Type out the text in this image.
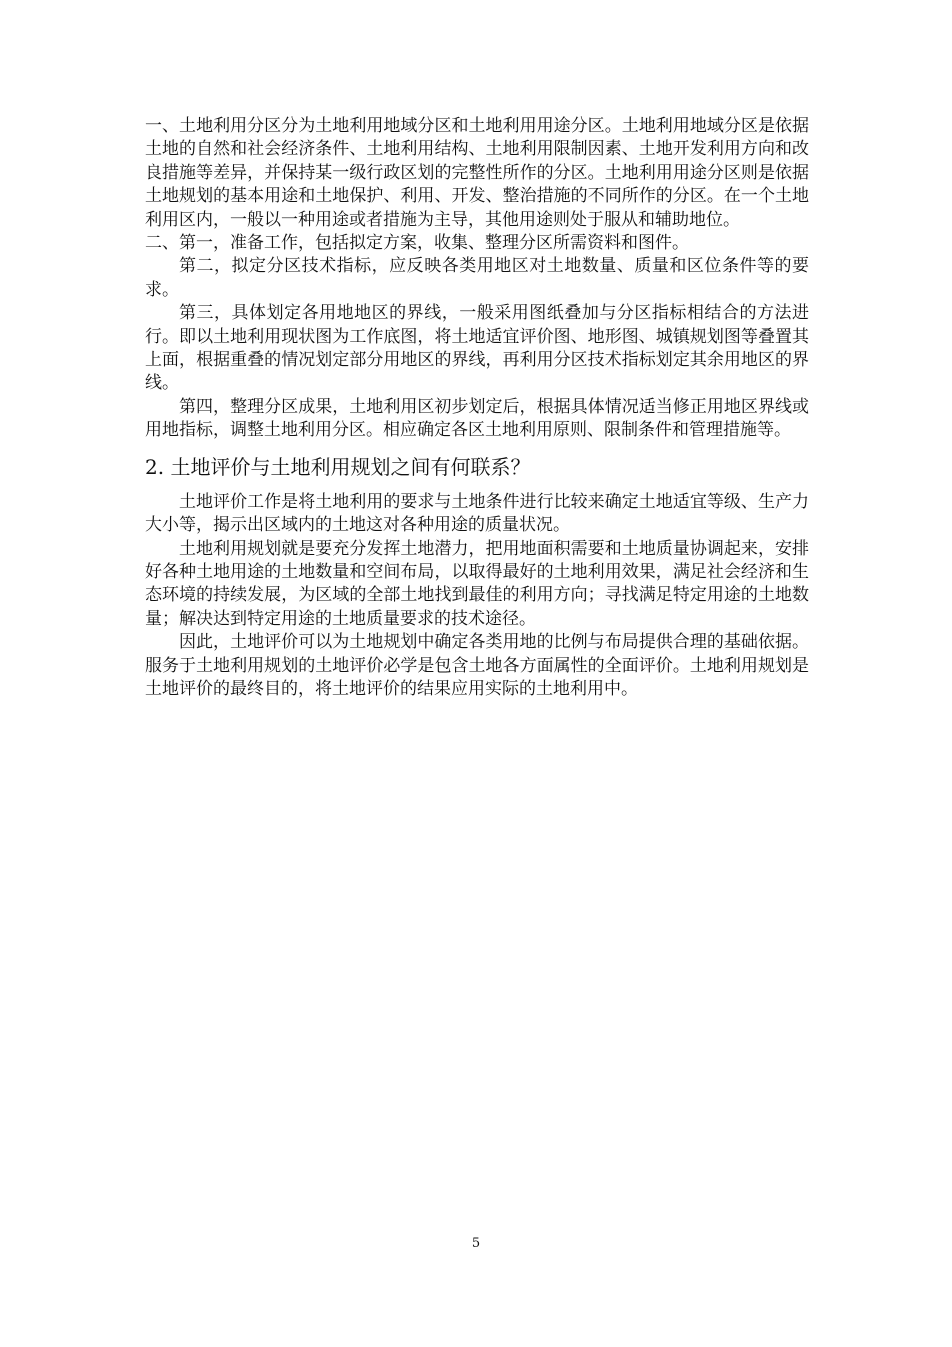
一、土地利用分区分为土地利用地域分区和土地利用用途分区。土地利用地域分区是依据土地的自然和社会经济条件、土地利用结构、土地利用限制因素、土地开发利用方向和改良措施等差异，并保持某一级行政区划的完整性所作的分区。土地利用用途分区则是依据土地规划的基本用途和土地保护、利用、开发、整治措施的不同所作的分区。在一个土地利用区内，一般以一种用途或者措施为主导，其他用途则处于服从和辅助地位。

二、第一，准备工作，包括拟定方案，收集、整理分区所需资料和图件。

第二，拟定分区技术指标，应反映各类用地区对土地数量、质量和区位条件等的要求。

第三，具体划定各用地地区的界线，一般采用图纸叠加与分区指标相结合的方法进行。即以土地利用现状图为工作底图，将土地适宜评价图、地形图、城镇规划图等叠置其上面，根据重叠的情况划定部分用地区的界线，再利用分区技术指标划定其余用地区的界线。

第四，整理分区成果，土地利用区初步划定后，根据具体情况适当修正用地区界线或用地指标，调整土地利用分区。相应确定各区土地利用原则、限制条件和管理措施等。

2. 土地评价与土地利用规划之间有何联系？

土地评价工作是将土地利用的要求与土地条件进行比较来确定土地适宜等级、生产力大小等，揭示出区域内的土地这对各种用途的质量状况。

土地利用规划就是要充分发挥土地潜力，把用地面积需要和土地质量协调起来，安排好各种土地用途的土地数量和空间布局，以取得最好的土地利用效果，满足社会经济和生态环境的持续发展，为区域的全部土地找到最佳的利用方向；寻找满足特定用途的土地数量；解决达到特定用途的土地质量要求的技术途径。

因此，土地评价可以为土地规划中确定各类用地的比例与布局提供合理的基础依据。服务于土地利用规划的土地评价必学是包含土地各方面属性的全面评价。土地利用规划是土地评价的最终目的，将土地评价的结果应用实际的土地利用中。

5
